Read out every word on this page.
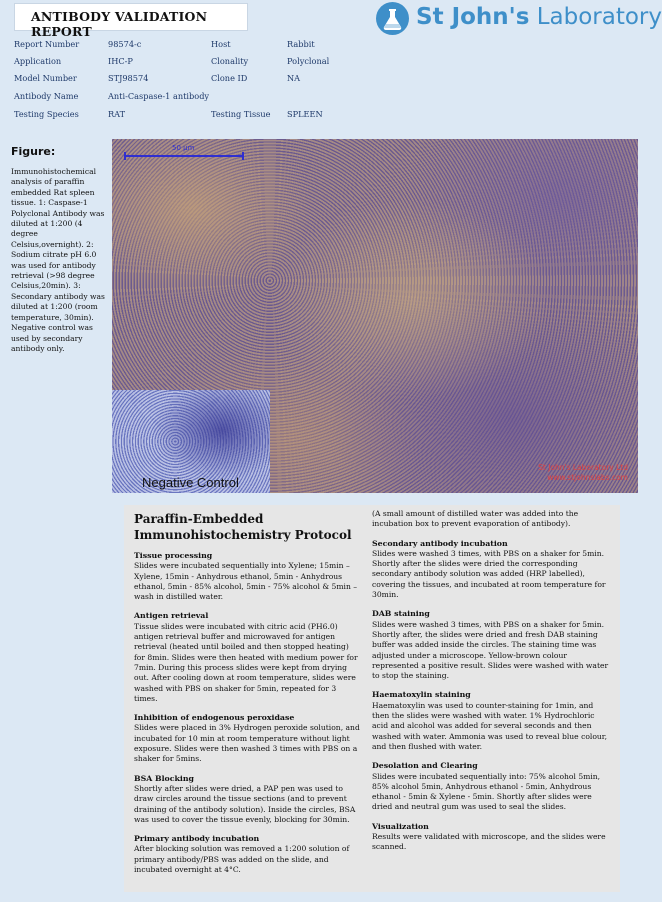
ANTIBODY VALIDATION REPORT
St John's Laboratory
Report Number	98574-c	Host	Rabbit
Application	IHC-P	Clonality	Polyclonal
Model Number	STJ98574	Clone ID	NA
Antibody Name	Anti-Caspase-1 antibody
Testing Species	RAT	Testing Tissue SPLEEN
Figure:
Immunohistochemical analysis of paraffin embedded Rat spleen tissue. 1: Caspase-1 Polyclonal Antibody was diluted at 1:200 (4 degree Celsius,overnight). 2: Sodium citrate pH 6.0 was used for antibody retrieval (>98 degree Celsius,20min). 3: Secondary antibody was diluted at 1:200 (room temperature, 30min). Negative control was used by secondary antibody only.
50 µm
St John's Laboratory Ltd
www.stjohnslabs.com
Negative Control
Paraffin-Embedded Immunohistochemistry Protocol
Tissue processing

Slides were incubated sequentially into Xylene; 15min – Xylene, 15min - Anhydrous ethanol, 5min - Anhydrous ethanol, 5min - 85% alcohol, 5min - 75% alcohol & 5min – wash in distilled water.

Antigen retrieval

Tissue slides were incubated with citric acid (PH6.0) antigen retrieval buffer and microwaved for antigen retrieval (heated until boiled and then stopped heating) for 8min. Slides were then heated with medium power for 7min. During this process slides were kept from drying out. After cooling down at room temperature, slides were washed with PBS on shaker for 5min, repeated for 3 times.

Inhibition of endogenous peroxidase

Slides were placed in 3% Hydrogen peroxide solution, and incubated for 10 min at room temperature without light exposure. Slides were then washed 3 times with PBS on a shaker for 5mins.

BSA Blocking

Shortly after slides were dried, a PAP pen was used to draw circles around the tissue sections (and to prevent draining of the antibody solution). Inside the circles, BSA was used to cover the tissue evenly, blocking for 30min.

Primary antibody incubation

After blocking solution was removed a 1:200 solution of primary antibody/PBS was added on the slide, and incubated overnight at 4°C.

(A small amount of distilled water was added into the incubation box to prevent evaporation of antibody).

Secondary antibody incubation

Slides were washed 3 times, with PBS on a shaker for 5min. Shortly after the slides were dried the corresponding secondary antibody solution was added (HRP labelled), covering the tissues, and incubated at room temperature for 30min.

DAB staining

Slides were washed 3 times, with PBS on a shaker for 5min. Shortly after, the slides were dried and fresh DAB staining buffer was added inside the circles. The staining time was adjusted under a microscope. Yellow-brown colour represented a positive result. Slides were washed with water to stop the staining.

Haematoxylin staining

Haematoxylin was used to counter-staining for 1min, and then the slides were washed with water. 1% Hydrochloric acid and alcohol was added for several seconds and then washed with water. Ammonia was used to reveal blue colour, and then flushed with water.

Desolation and Clearing

Slides were incubated sequentially into: 75% alcohol 5min, 85% alcohol 5min, Anhydrous ethanol - 5min, Anhydrous ethanol - 5min & Xylene - 5min. Shortly after slides were dried and neutral gum was used to seal the slides.

Visualization

Results were validated with microscope, and the slides were scanned.
